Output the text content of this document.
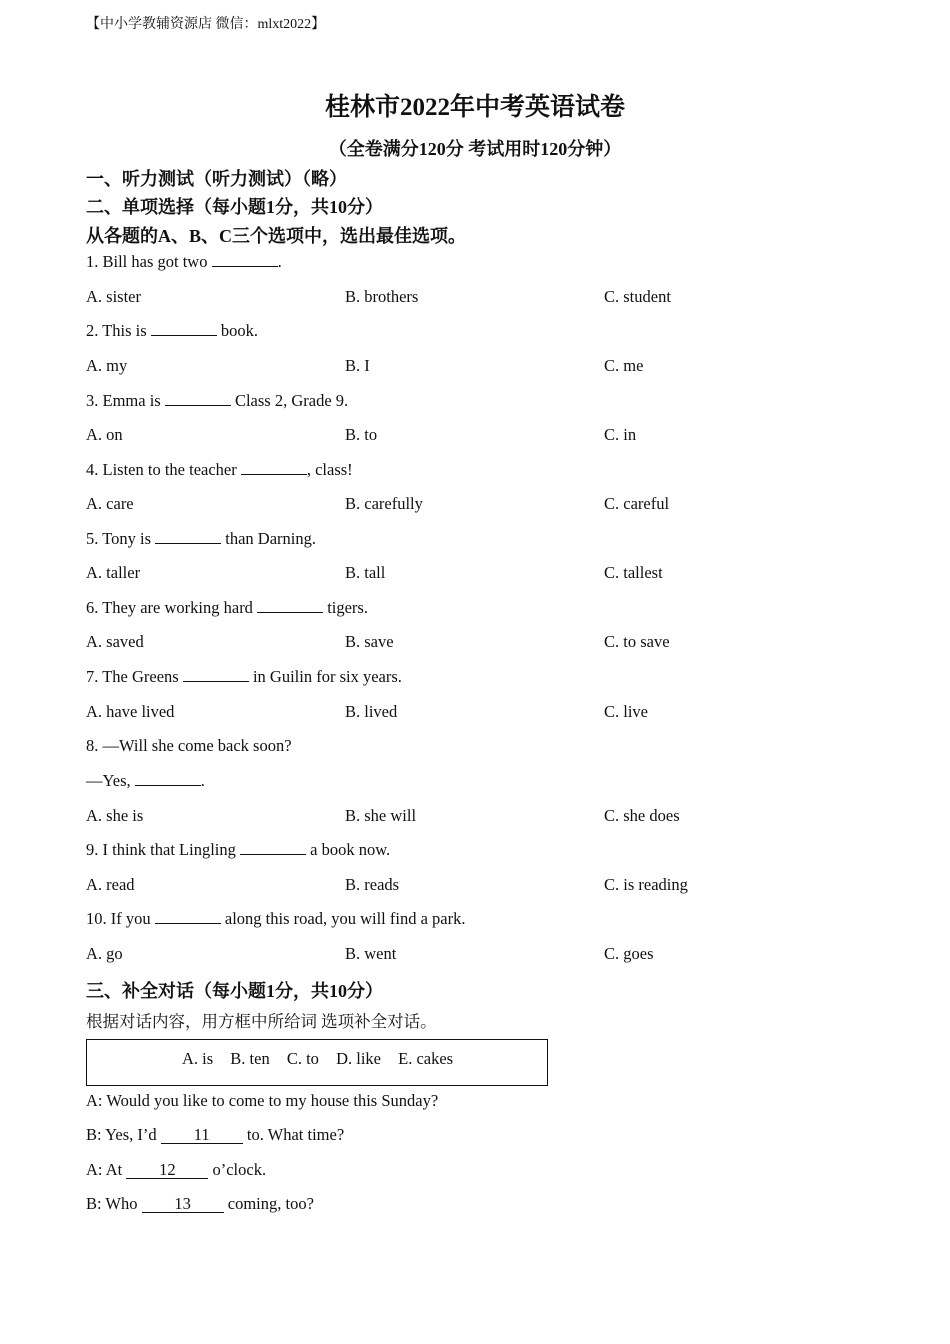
【中小学教辅资源店 微信：mlxt2022】
桂林市2022年中考英语试卷
（全卷满分120分 考试用时120分钟）
一、听力测试（听力测试）（略）
二、单项选择（每小题1分，共10分）
从各题的A、B、C三个选项中，选出最佳选项。
1. Bill has got two	.
A. sister	B. brothers	C. student
2. This is	book.
A. my	B. I	C. me
3. Emma is	Class 2, Grade 9.
A. on	B. to	C. in
4. Listen to the teacher	, class!
A. care	B. carefully	C. careful
5. Tony is	than Darning.
A. taller	B. tall	C. tallest
6. They are working hard	tigers.
A. saved	B. save	C. to save
7. The Greens	in Guilin for six years.
A. have lived	B. lived	C. live
8. —Will she come back soon?
—Yes,	.
A. she is	B. she will	C. she does
9. I think that Lingling	a book now.
A. read	B. reads	C. is reading
10. If you	along this road, you will find a park.
A. go	B. went	C. goes
三、补全对话（每小题1分，共10分）
根据对话内容，用方框中所给词 选项补全对话。
A. is B. ten C. to D. like E. cakes
A: Would you like to come to my house this Sunday?
B: Yes, I’d 11 to. What time?
A: At 12 o’clock.
B: Who 13 coming, too?
